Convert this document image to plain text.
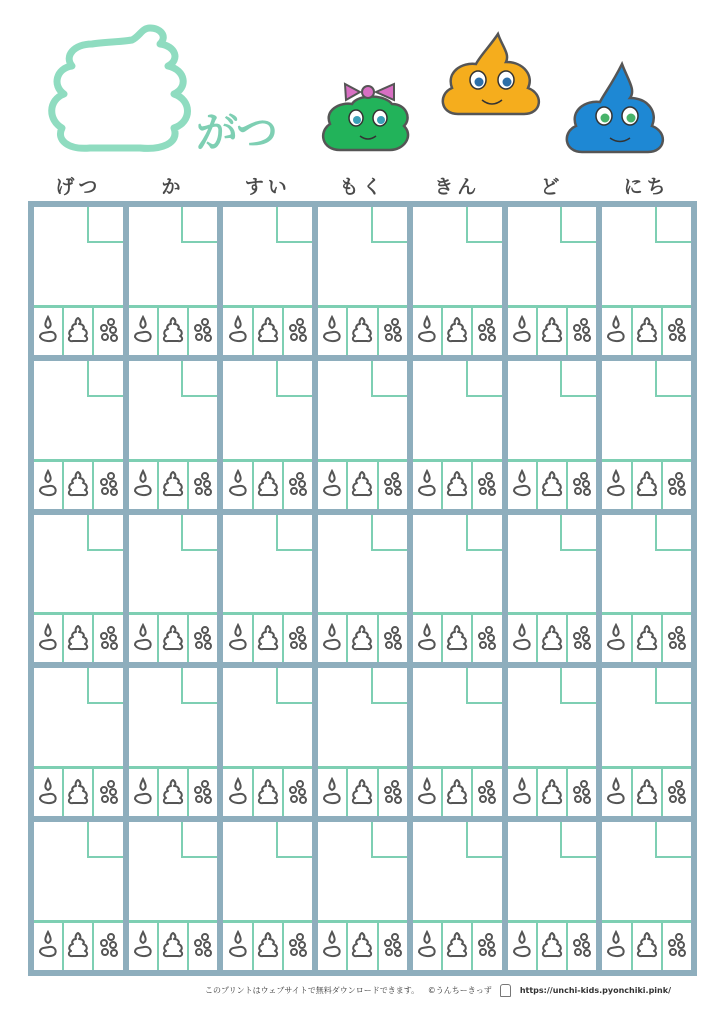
がつ
げつ	か	すい	もく	きん	ど	にち
このプリントはウェブサイトで無料ダウンロードできます。 ©うんちーきっず	https://unchi-kids.pyonchiki.pink/
